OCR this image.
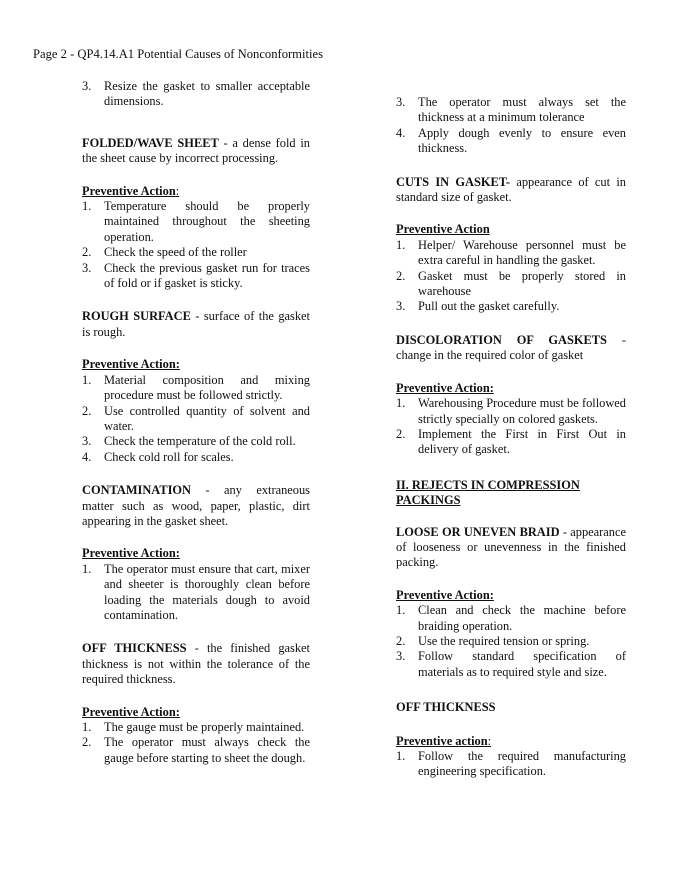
Page 2 - QP4.14.A1 Potential Causes of Nonconformities
3.	Resize the gasket to smaller acceptable dimensions.
FOLDED/WAVE SHEET - a dense fold in the sheet cause by incorrect processing.
Preventive Action:
1.	Temperature should be properly maintained throughout the sheeting operation.
2.	Check the speed of the roller
3.	Check the previous gasket run for traces of fold or if gasket is sticky.
ROUGH SURFACE - surface of the gasket is rough.
Preventive Action:
1.	Material composition and mixing procedure must be followed strictly.
2.	Use controlled quantity of solvent and water.
3.	Check the temperature of the cold roll.
4.	Check cold roll for scales.
CONTAMINATION - any extraneous matter such as wood, paper, plastic, dirt appearing in the gasket sheet.
Preventive Action:
1.	The operator must ensure that cart, mixer and sheeter is thoroughly clean before loading the materials dough to avoid contamination.
OFF THICKNESS - the finished gasket thickness is not within the tolerance of the required thickness.
Preventive Action:
1.	The gauge must be properly maintained.
2.	The operator must always check the gauge before starting to sheet the dough.
3.	The operator must always set the thickness at a minimum tolerance
4.	Apply dough evenly to ensure even thickness.
CUTS IN GASKET- appearance of cut in standard size of gasket.
Preventive Action
1.	Helper/ Warehouse personnel must be extra careful in handling the gasket.
2.	Gasket must be properly stored in warehouse
3.	Pull out the gasket carefully.
DISCOLORATION OF GASKETS - change in the required color of gasket
Preventive Action:
1.	Warehousing Procedure must be followed strictly specially on colored gaskets.
2.	Implement the First in First Out in delivery of gasket.
II. REJECTS IN COMPRESSION PACKINGS
LOOSE OR UNEVEN BRAID - appearance of looseness or unevenness in the finished packing.
Preventive Action:
1.	Clean and check the machine before braiding operation.
2.	Use the required tension or spring.
3.	Follow standard specification of materials as to required style and size.
OFF THICKNESS
Preventive action:
1.	Follow the required manufacturing engineering specification.
